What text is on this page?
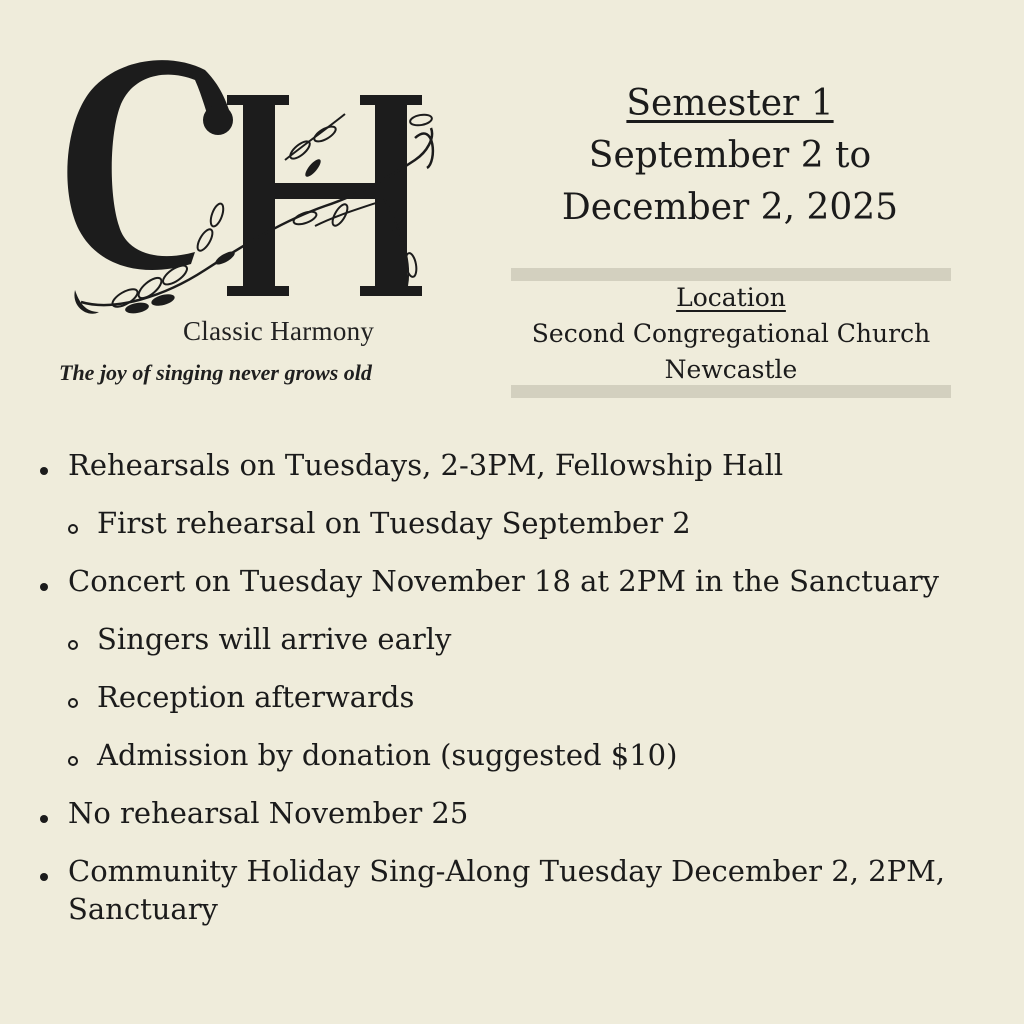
Classic Harmony
The joy of singing never grows old
Semester 1
September 2 to
December 2, 2025
Location
Second Congregational Church
Newcastle
Rehearsals on Tuesdays, 2-3PM, Fellowship Hall
First rehearsal on Tuesday September 2
Concert on Tuesday November 18 at 2PM in the Sanctuary
Singers will arrive early
Reception afterwards
Admission by donation (suggested $10)
No rehearsal November 25
Community Holiday Sing-Along Tuesday December 2, 2PM, Sanctuary
